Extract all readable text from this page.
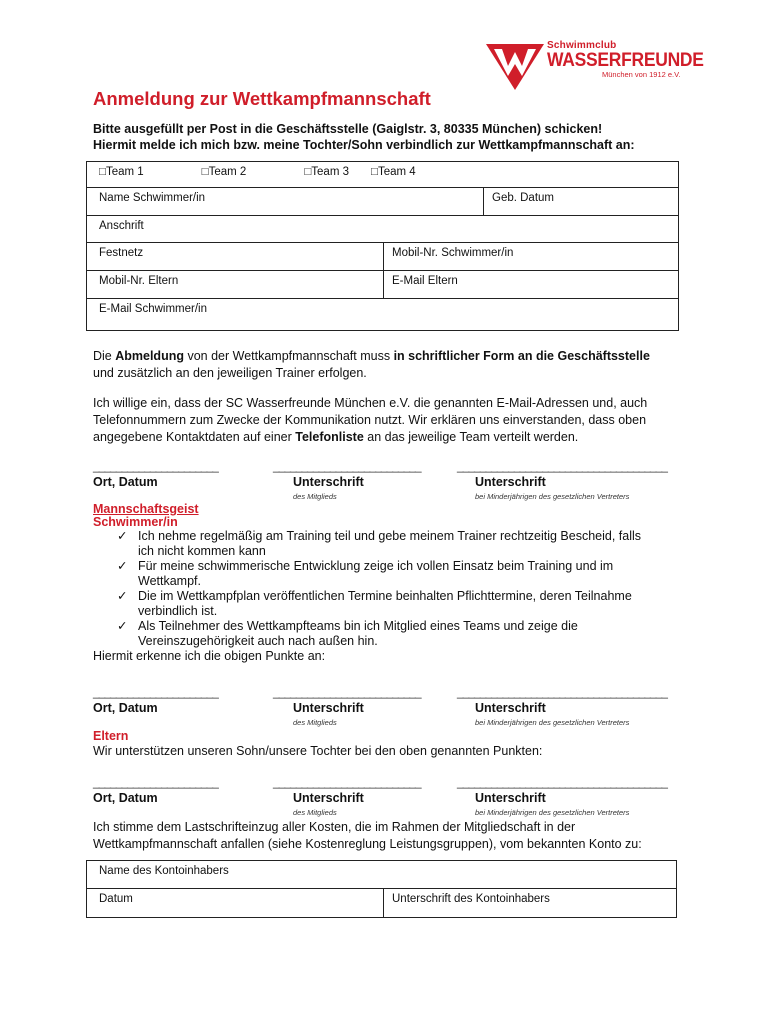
Schwimmclub
WASSERFREUNDE
München von 1912 e.V.
Anmeldung zur Wettkampfmannschaft
Bitte ausgefüllt per Post in die Geschäftsstelle (Gaiglstr. 3, 80335 München) schicken!
Hiermit melde ich mich bzw. meine Tochter/Sohn verbindlich zur Wettkampfmannschaft an:
□Team 1	□Team 2	□Team 3 □Team 4
Name Schwimmer/in	Geb. Datum
Anschrift
Festnetz	Mobil-Nr. Schwimmer/in
Mobil-Nr. Eltern	E-Mail Eltern
E-Mail Schwimmer/in
Die Abmeldung von der Wettkampfmannschaft muss in schriftlicher Form an die Geschäftsstelle
und zusätzlich an den jeweiligen Trainer erfolgen.
Ich willige ein, dass der SC Wasserfreunde München e.V. die genannten E-Mail-Adressen und, auch
Telefonnummern zum Zwecke der Kommunikation nutzt. Wir erklären uns einverstanden, dass oben
angegebene Kontaktdaten auf einer Telefonliste an das jeweilige Team verteilt werden.
______________________	__________________________	_____________________________________
Ort, Datum	Unterschrift	Unterschrift
des Mitglieds	bei Minderjährigen des gesetzlichen Vertreters
Mannschaftsgeist
Schwimmer/in
✓ Ich nehme regelmäßig am Training teil und gebe meinem Trainer rechtzeitig Bescheid, falls
ich nicht kommen kann
✓ Für meine schwimmerische Entwicklung zeige ich vollen Einsatz beim Training und im
Wettkampf.
✓ Die im Wettkampfplan veröffentlichen Termine beinhalten Pflichttermine, deren Teilnahme
verbindlich ist.
✓ Als Teilnehmer des Wettkampfteams bin ich Mitglied eines Teams und zeige die
Vereinszugehörigkeit auch nach außen hin.
Hiermit erkenne ich die obigen Punkte an:
______________________	__________________________	_____________________________________
Ort, Datum	Unterschrift	Unterschrift
des Mitglieds	bei Minderjährigen des gesetzlichen Vertreters
Eltern
Wir unterstützen unseren Sohn/unsere Tochter bei den oben genannten Punkten:
______________________	__________________________	_____________________________________
Ort, Datum	Unterschrift	Unterschrift
des Mitglieds	bei Minderjährigen des gesetzlichen Vertreters
Ich stimme dem Lastschrifteinzug aller Kosten, die im Rahmen der Mitgliedschaft in der
Wettkampfmannschaft anfallen (siehe Kostenreglung Leistungsgruppen), vom bekannten Konto zu:
Name des Kontoinhabers
Datum	Unterschrift des Kontoinhabers
